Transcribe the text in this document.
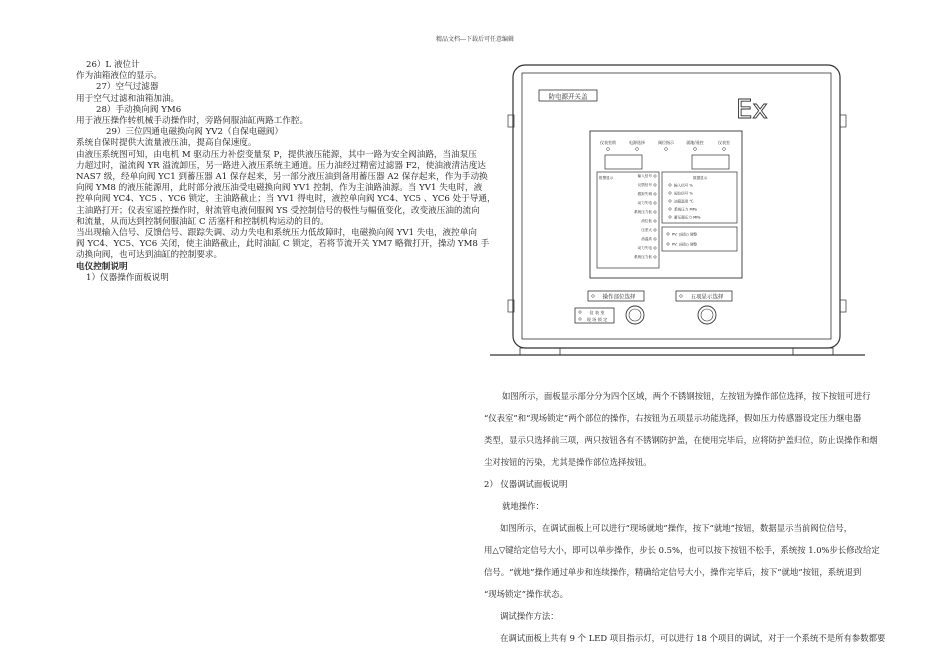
精品文档---下载后可任意编辑

26）L 液位计

作为油箱液位的显示。

27）空气过滤器

用于空气过滤和油箱加油。

28）手动换向阀 YM6

用于液压操作转机械手动操作时，旁路伺服油缸两路工作腔。

29）三位四通电磁换向阀 YV2（自保电磁阀）

系统自保时提供大流量液压油，提高自保速度。

由液压系统图可知，由电机 M 驱动压力补偿变量泵 P，提供液压能源，其中一路为安全阀油路，当油泵压

力超过时，溢流阀 YR 溢流卸压，另一路进入液压系统主通道。压力油经过精密过滤器 F2，使油液清洁度达

NAS7 级，经单向阀 YC1 到蓄压器 A1 保存起来，另一部分液压油到备用蓄压器 A2 保存起来，作为手动换

向阀 YM8 的液压能源用，此时部分液压油受电磁换向阀 YV1 控制，作为主油路油源。当 YV1 失电时，液

控单向阀 YC4、YC5 、YC6 锁定，主油路截止；当 YV1 得电时，液控单向阀 YC4、YC5 、YC6 处于导通，

主油路打开；仪表室遥控操作时，射流管电液伺服阀 YS 受控制信号的极性与幅值变化，改变液压油的流向

和流量，从而达到控制伺服油缸 C 活塞杆和控制机构运动的目的。

当出现输入信号、反馈信号、跟踪失调、动力失电和系统压力低故障时，电磁换向阀 YV1 失电，液控单向

阀 YC4、YC5、YC6 关闭，使主油路截止，此时油缸 C 锁定，若将节流开关 YM7 略微打开，操动 YM8 手

动换向阀，也可达到油缸的控制要求。

电仪控制说明

1）仪器操作面板说明

防电源开关盖	Ex
仪表室锁	电源选择	阀位指示	就地/遥控	仪表室
报警显示	输入信号
反馈信号
跟踪失调
动力失电
系统压力低
油位低
压差大
油温高
动力失电
系统压力低
数据显示
输入信号 %
阀位信号 %
油箱温度 ℃
系统压力 MPa
蓄压器压力 MPa
PV: (阀位) 调整
PV: (阀位) 调整
操作部位选择	五项显示选择
仪 表 室
现 场 锁 定

如图所示，面板显示部分分为四个区域，两个不锈钢按钮，左按钮为操作部位选择，按下按钮可进行

“仪表室”和“现场锁定”两个部位的操作，右按钮为五项显示功能选择，假如压力传感器设定压力继电器

类型，显示只选择前三项，两只按钮各有不锈钢防护盖，在使用完毕后，应将防护盖归位，防止误操作和烟

尘对按钮的污染，尤其是操作部位选择按钮。

2） 仪器调试面板说明

就地操作：

如图所示，在调试面板上可以进行“现场就地”操作，按下“就地”按钮，数据显示当前阀位信号，

用△▽键给定信号大小，即可以单步操作，步长 0.5%，也可以按下按钮不松手，系统按 1.0%步长修改给定

信号。“就地”操作通过单步和连续操作，精确给定信号大小，操作完毕后，按下“就地”按钮，系统退到

“现场锁定”操作状态。

调试操作方法：

在调试面板上共有 9 个 LED 项目指示灯，可以进行 18 个项目的调试，对于一个系统不是所有参数都要
